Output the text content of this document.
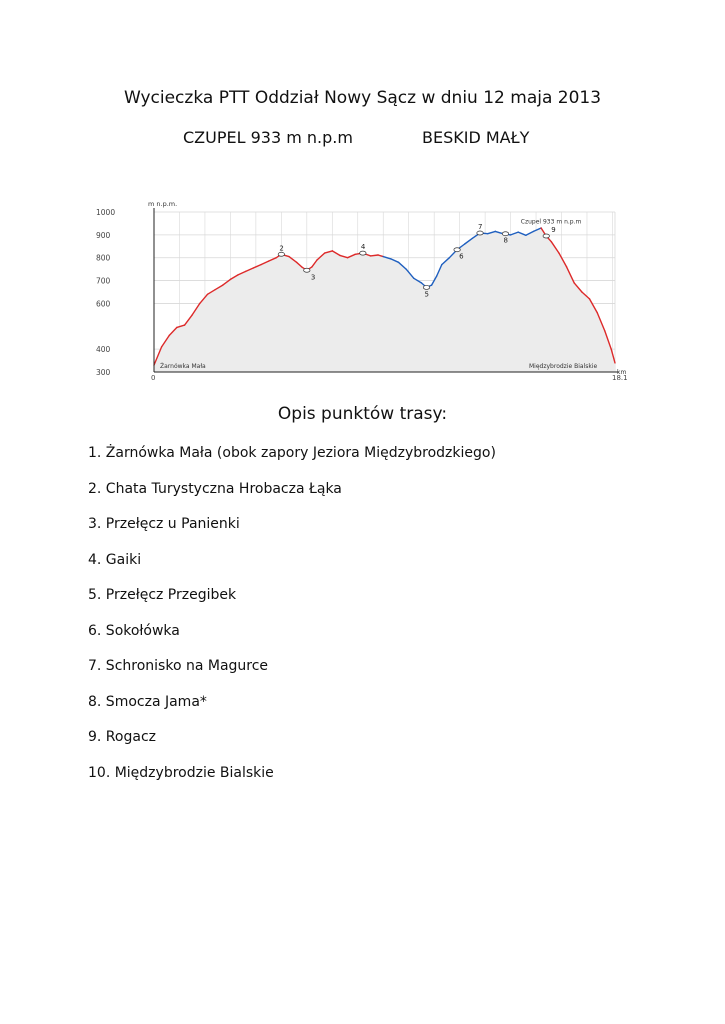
Wycieczka PTT Oddział Nowy Sącz w dniu 12 maja 2013
CZUPEL 933 m n.p.m	BESKID MAŁY
1000
900
800
700
600
400
300
0	18.1
m n.p.m.
km
2
3
4
5
6
7
8
9
Żarnówka Mała	Międzybrodzie Bialskie
Czupel 933 m n.p.m
Opis punktów trasy:
1. Żarnówka Mała (obok zapory Jeziora Międzybrodzkiego)
2. Chata Turystyczna Hrobacza Łąka
3. Przełęcz u Panienki
4. Gaiki
5. Przełęcz Przegibek
6. Sokołówka
7. Schronisko na Magurce
8. Smocza Jama*
9. Rogacz
10. Międzybrodzie Bialskie
